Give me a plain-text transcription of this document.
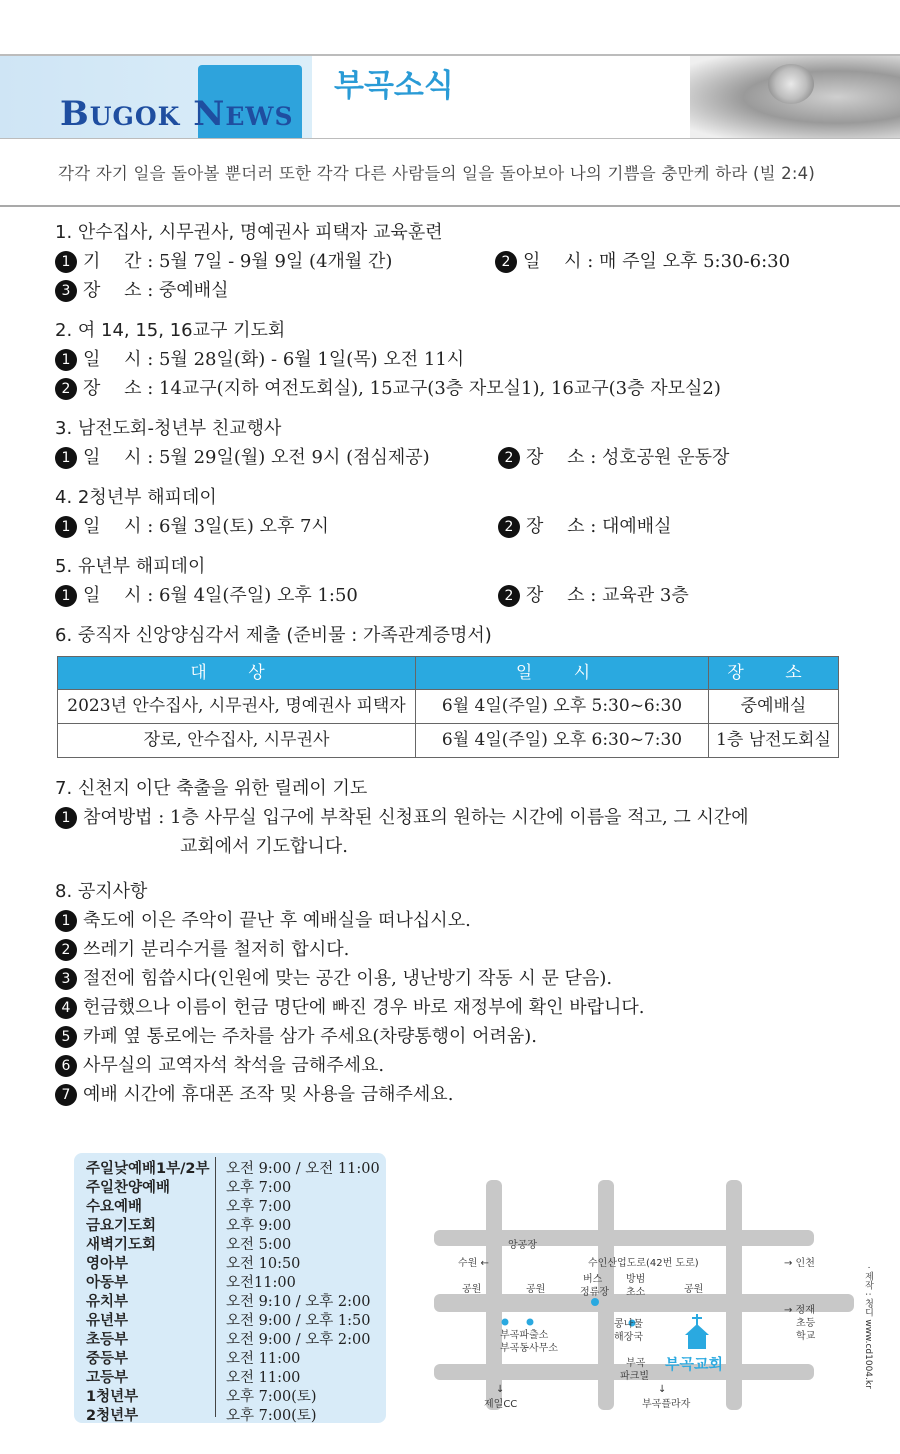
BUGOK NEWS
부곡소식
각각 자기 일을 돌아볼 뿐더러 또한 각각 다른 사람들의 일을 돌아보아 나의 기쁨을 충만케 하라 (빌 2:4)
1. 안수집사, 시무권사, 명예권사 피택자 교육훈련
1 기　 간 : 5월 7일 - 9월 9일 (4개월 간)	2 일　 시 : 매 주일 오후 5:30-6:30
3 장　 소 : 중예배실
2. 여 14, 15, 16교구 기도회
1 일　 시 : 5월 28일(화) - 6월 1일(목) 오전 11시
2 장　 소 : 14교구(지하 여전도회실), 15교구(3층 자모실1), 16교구(3층 자모실2)
3. 남전도회-청년부 친교행사
1 일　 시 : 5월 29일(월) 오전 9시 (점심제공)	2 장　 소 : 성호공원 운동장
4. 2청년부 해피데이
1 일　 시 : 6월 3일(토) 오후 7시	2 장　 소 : 대예배실
5. 유년부 해피데이
1 일　 시 : 6월 4일(주일) 오후 1:50	2 장　 소 : 교육관 3층
6. 중직자 신앙양심각서 제출 (준비물 : 가족관계증명서)
대 상	일 시	장 소
2023년 안수집사, 시무권사, 명예권사 피택자	6월 4일(주일) 오후 5:30~6:30	중예배실
장로, 안수집사, 시무권사	6월 4일(주일) 오후 6:30~7:30	1층 남전도회실
7. 신천지 이단 축출을 위한 릴레이 기도
1 참여방법 : 1층 사무실 입구에 부착된 신청표의 원하는 시간에 이름을 적고, 그 시간에
교회에서 기도합니다.
8. 공지사항
1 축도에 이은 주악이 끝난 후 예배실을 떠나십시오.
2 쓰레기 분리수거를 철저히 합시다.
3 절전에 힘씁시다(인원에 맞는 공간 이용, 냉난방기 작동 시 문 닫음).
4 헌금했으나 이름이 헌금 명단에 빠진 경우 바로 재정부에 확인 바랍니다.
5 카페 옆 통로에는 주차를 삼가 주세요(차량통행이 어려움).
6 사무실의 교역자석 착석을 금해주세요.
7 예배 시간에 휴대폰 조작 및 사용을 금해주세요.
주일낮예배1부/2부 오전 9:00 / 오전 11:00
주일찬양예배	오후 7:00
수요예배	오후 7:00
금요기도회	오후 9:00
새벽기도회	오전 5:00
영아부	오전 10:50
아동부	오전11:00
유치부	오전 9:10 / 오후 2:00
유년부	오전 9:00 / 오후 1:50
초등부	오전 9:00 / 오후 2:00
중등부	오전 11:00
고등부	오전 11:00
1청년부	오후 7:00(토)
2청년부	오후 7:00(토)
앙공장
수원 ←	수인산업도로(42번 도로)	→ 인천
공원	공원	공원
버스
정류장
방범
초소
부곡파출소
부곡동사무소
콩나물
해장국
→ 정재
초등
학교
부곡
파크빌
제일CC	부곡플라자
↓	↓
부곡교회	· 제작 : 청디 www.cd1004.kr
